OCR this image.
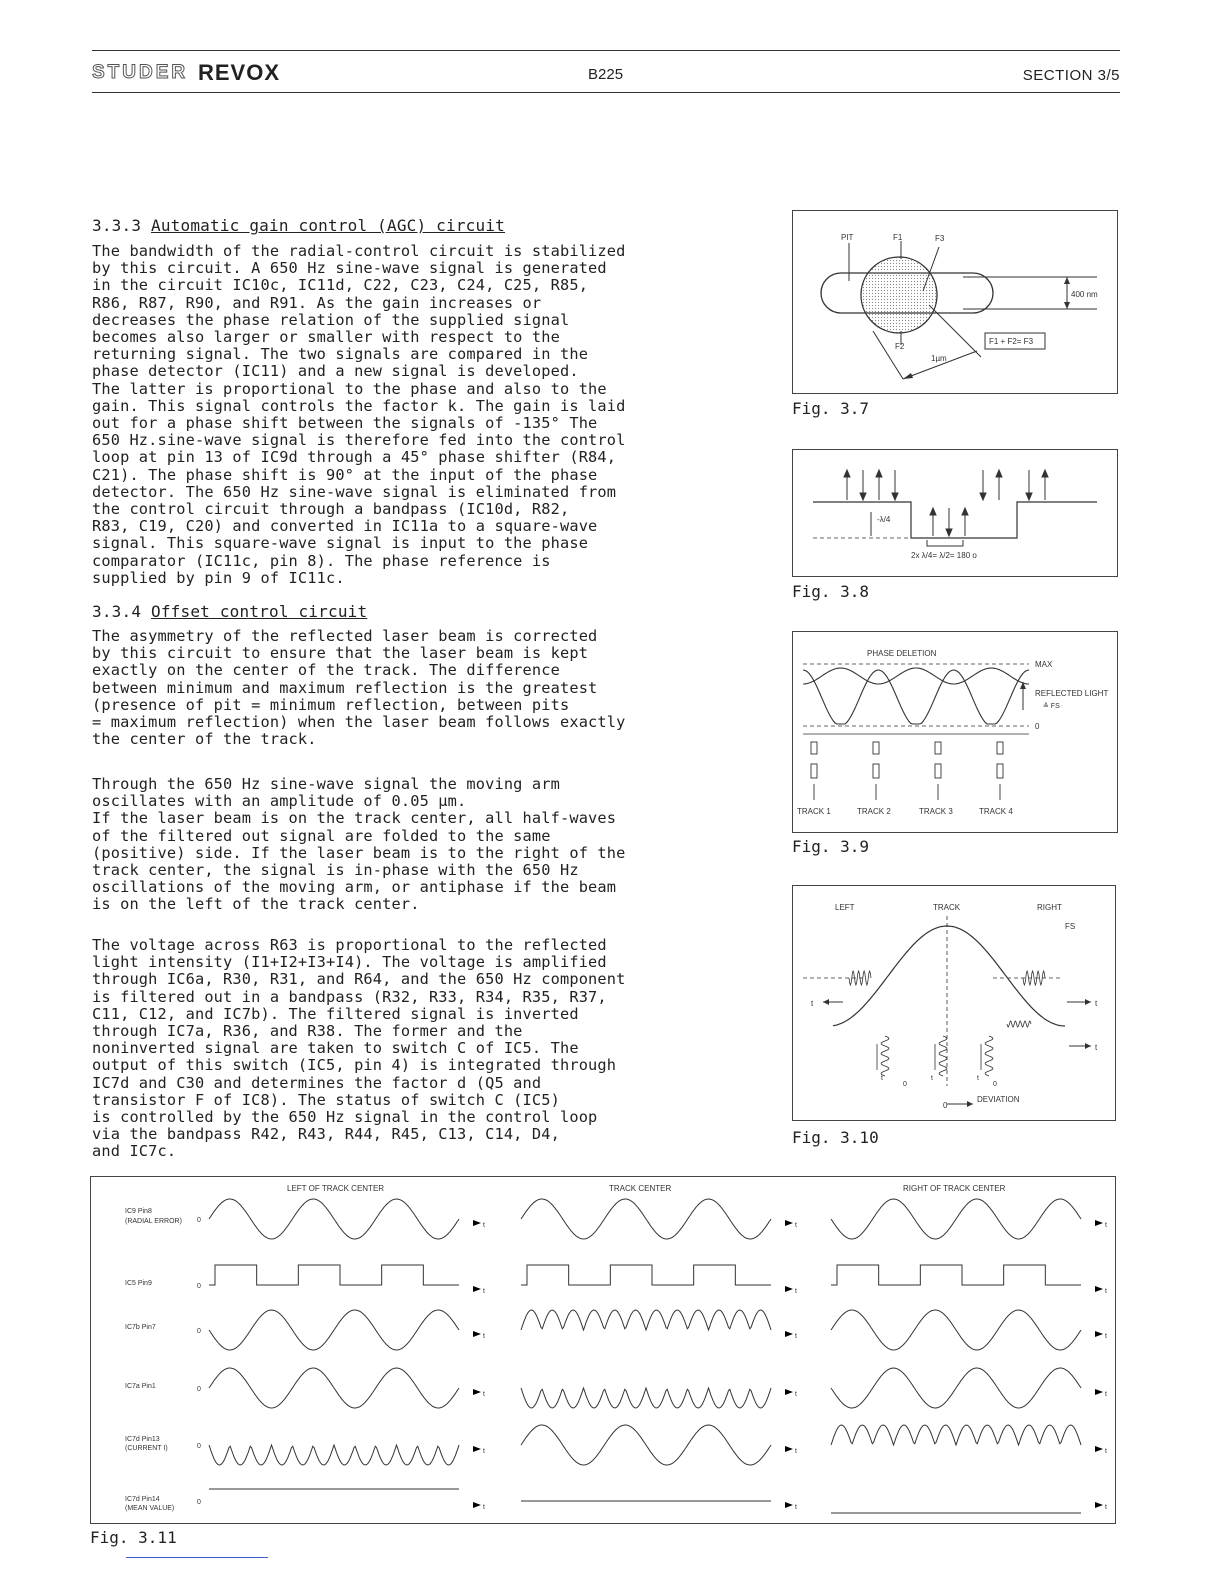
STUDER REVOX	B225	SECTION 3/5
3.3.3 Automatic gain control (AGC) circuit
The bandwidth of the radial-control circuit is stabilized
by this circuit. A 650 Hz sine-wave signal is generated
in the circuit IC10c, IC11d, C22, C23, C24, C25, R85,
R86, R87, R90, and R91. As the gain increases or
decreases the phase relation of the supplied signal
becomes also larger or smaller with respect to the
returning signal. The two signals are compared in the
phase detector (IC11) and a new signal is developed.
The latter is proportional to the phase and also to the
gain. This signal controls the factor k. The gain is laid
out for a phase shift between the signals of -135° The
650 Hz.sine-wave signal is therefore fed into the control
loop at pin 13 of IC9d through a 45° phase shifter (R84,
C21). The phase shift is 90° at the input of the phase
detector. The 650 Hz sine-wave signal is eliminated from
the control circuit through a bandpass (IC10d, R82,
R83, C19, C20) and converted in IC11a to a square-wave
signal. This square-wave signal is input to the phase
comparator (IC11c, pin 8). The phase reference is
supplied by pin 9 of IC11c.
3.3.4 Offset control circuit
The asymmetry of the reflected laser beam is corrected
by this circuit to ensure that the laser beam is kept
exactly on the center of the track. The difference
between minimum and maximum reflection is the greatest
(presence of pit = minimum reflection, between pits
= maximum reflection) when the laser beam follows exactly
the center of the track.
Through the 650 Hz sine-wave signal the moving arm
oscillates with an amplitude of 0.05 µm.
If the laser beam is on the track center, all half-waves
of the filtered out signal are folded to the same
(positive) side. If the laser beam is to the right of the
track center, the signal is in-phase with the 650 Hz
oscillations of the moving arm, or antiphase if the beam
is on the left of the track center.
The voltage across R63 is proportional to the reflected
light intensity (I1+I2+I3+I4). The voltage is amplified
through IC6a, R30, R31, and R64, and the 650 Hz component
is filtered out in a bandpass (R32, R33, R34, R35, R37,
C11, C12, and IC7b). The filtered signal is inverted
through IC7a, R36, and R38. The former and the
noninverted signal are taken to switch C of IC5. The
output of this switch (IC5, pin 4) is integrated through
IC7d and C30 and determines the factor d (Q5 and
transistor F of IC8). The status of switch C (IC5)
is controlled by the 650 Hz signal in the control loop
via the bandpass R42, R43, R44, R45, C13, C14, D4,
and IC7c.
PIT	F1	F3
F2
1µm
400 nm
F1 + F2= F3
Fig. 3.7
-λ/4
2x λ/4= λ/2= 180 o
Fig. 3.8
PHASE DELETION
MAX
0
REFLECTED LIGHT
≙ FS
TRACK 1	TRACK 2	TRACK 3	TRACK 4
Fig. 3.9
LEFT	TRACK	RIGHT
FS
t	t
t
0
DEVIATION
0	0
t	t	t
Fig. 3.10
LEFT OF TRACK CENTER	TRACK CENTER	RIGHT OF TRACK CENTER
IC9 Pin8
(RADIAL ERROR)
IC5 Pin9
IC7b Pin7
IC7a Pin1
IC7d Pin13
(CURRENT I)
IC7d Pin14
(MEAN VALUE)
0
t	t	t
0
t	t	t
0
t	t	t
0
t	t	t
0
t	t	t
0
t	t	t
Fig. 3.11
